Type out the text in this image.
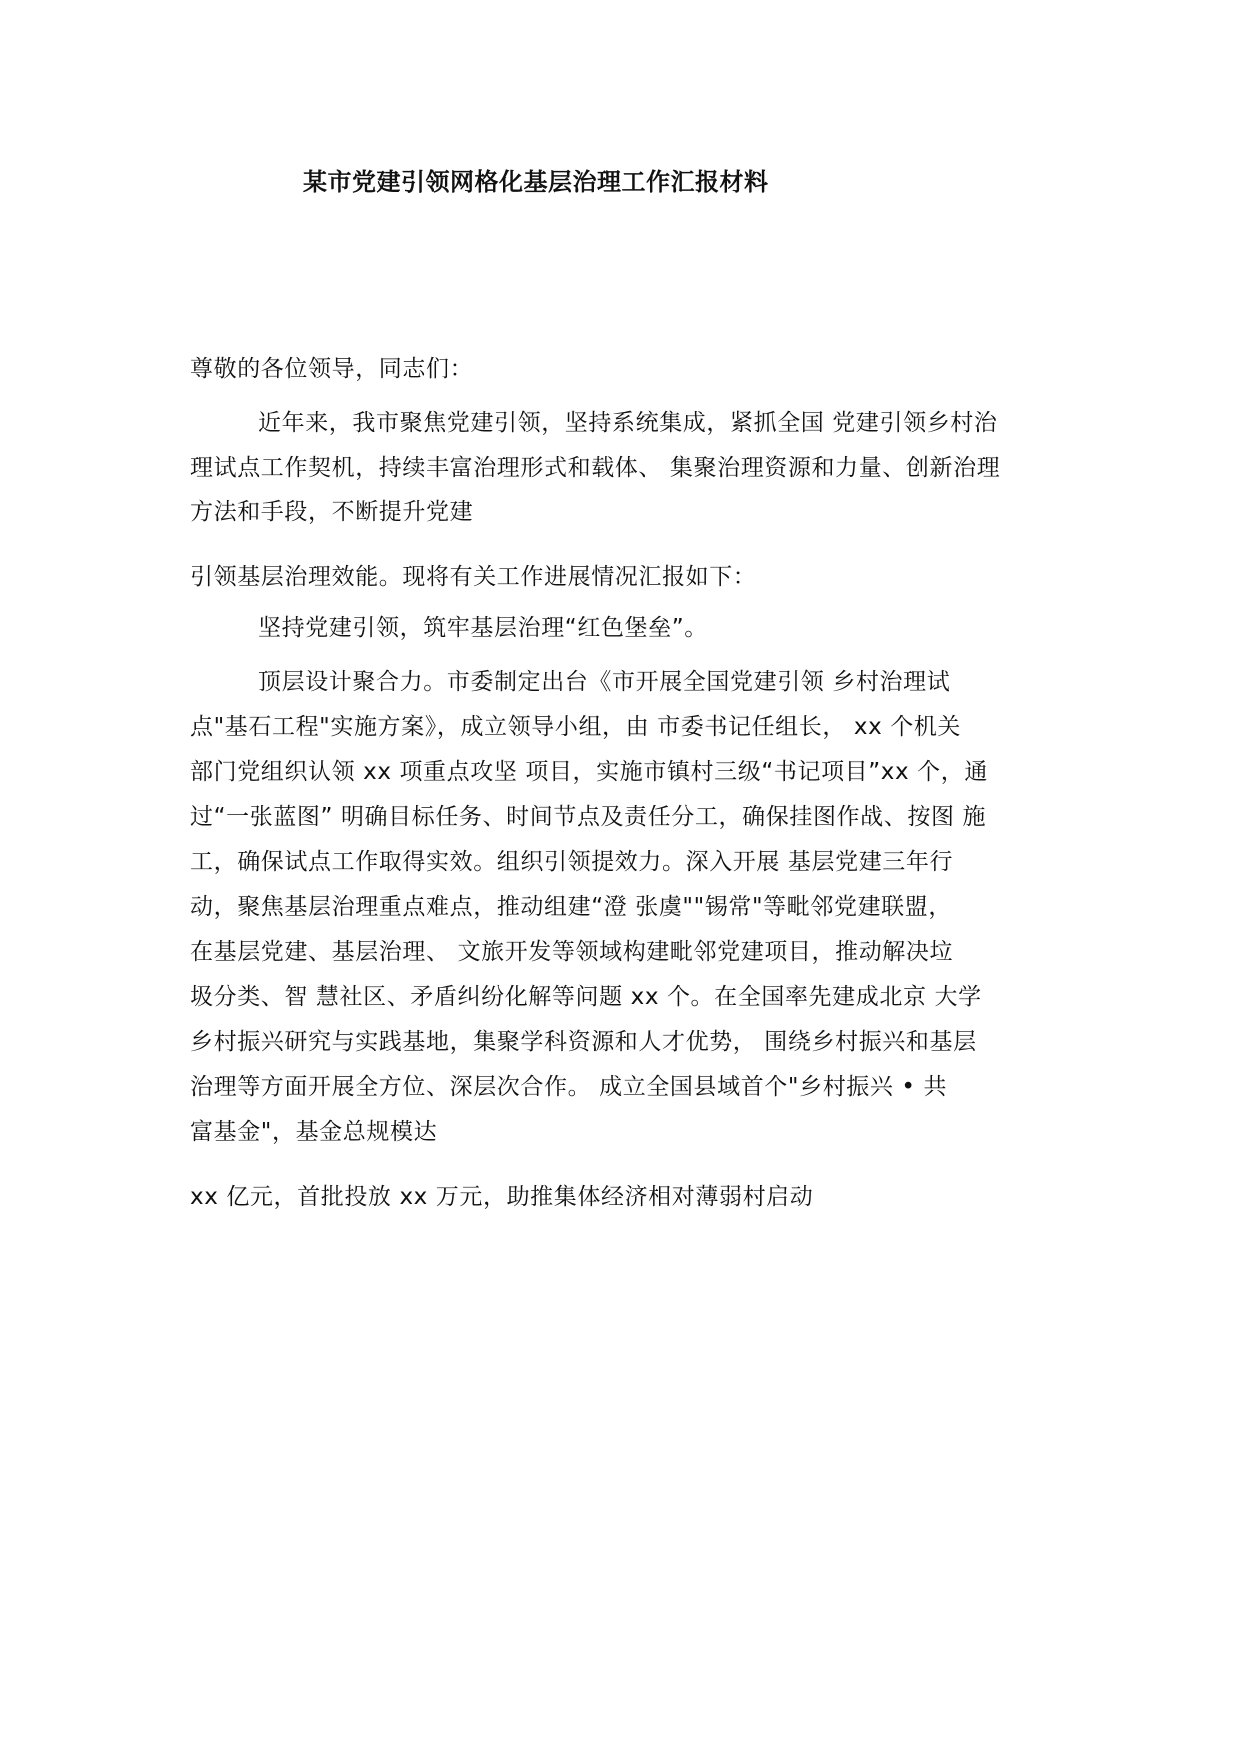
某市党建引领网格化基层治理工作汇报材料
尊敬的各位领导，同志们：
近年来，我市聚焦党建引领，坚持系统集成，紧抓全国 党建引领乡村治
理试点工作契机，持续丰富治理形式和载体、 集聚治理资源和力量、创新治理
方法和手段，不断提升党建
引领基层治理效能。现将有关工作进展情况汇报如下：
坚持党建引领，筑牢基层治理“红色堡垒”。
顶层设计聚合力。市委制定出台《市开展全国党建引领 乡村治理试
点"基石工程"实施方案》，成立领导小组，由 市委书记任组长， xx 个机关
部门党组织认领 xx 项重点攻坚 项目，实施市镇村三级“书记项目”xx 个，通
过“一张蓝图” 明确目标任务、时间节点及责任分工，确保挂图作战、按图 施
工，确保试点工作取得实效。组织引领提效力。深入开展 基层党建三年行
动，聚焦基层治理重点难点，推动组建“澄 张虞""锡常"等毗邻党建联盟，
在基层党建、基层治理、 文旅开发等领域构建毗邻党建项目，推动解决垃
圾分类、智 慧社区、矛盾纠纷化解等问题 xx 个。在全国率先建成北京 大学
乡村振兴研究与实践基地，集聚学科资源和人才优势， 围绕乡村振兴和基层
治理等方面开展全方位、深层次合作。 成立全国县域首个"乡村振兴 • 共
富基金"，基金总规模达
xx 亿元，首批投放 xx 万元，助推集体经济相对薄弱村启动
